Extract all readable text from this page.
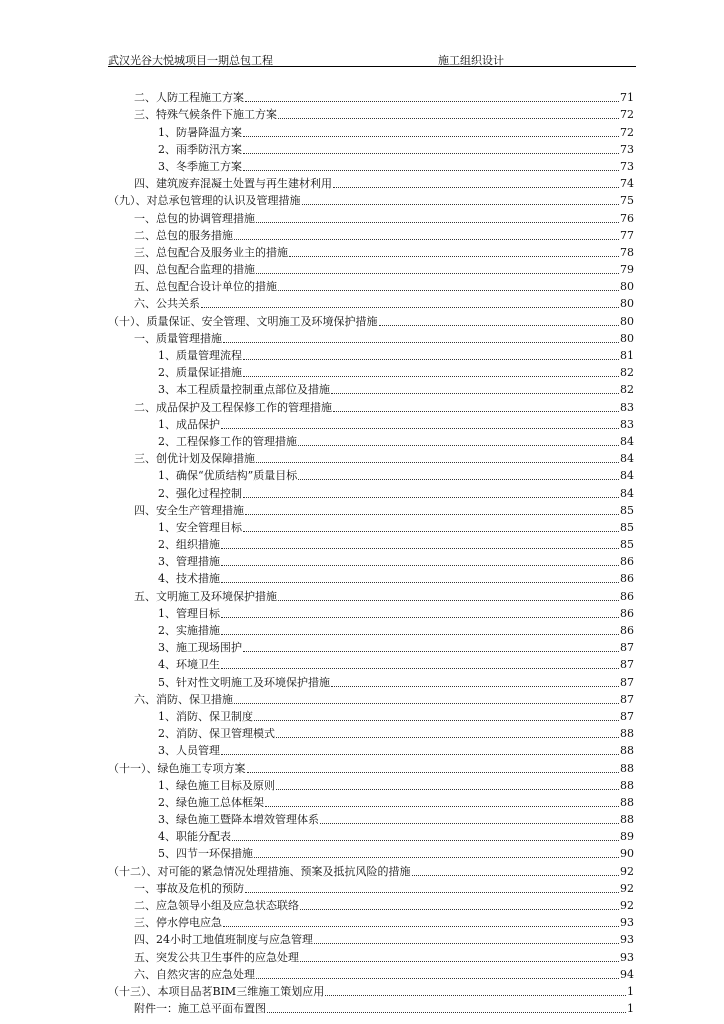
武汉光谷大悦城项目一期总包工程	施工组织设计
二、人防工程施工方案	71
三、特殊气候条件下施工方案	72
1、防暑降温方案	72
2、雨季防汛方案	73
3、冬季施工方案	73
四、建筑废弃混凝土处置与再生建材利用	74
（九）、对总承包管理的认识及管理措施	75
一、总包的协调管理措施	76
二、总包的服务措施	77
三、总包配合及服务业主的措施	78
四、总包配合监理的措施	79
五、总包配合设计单位的措施	80
六、公共关系	80
（十）、质量保证、安全管理、文明施工及环境保护措施	80
一、质量管理措施	80
1、质量管理流程	81
2、质量保证措施	82
3、本工程质量控制重点部位及措施	82
二、成品保护及工程保修工作的管理措施	83
1、成品保护	83
2、工程保修工作的管理措施	84
三、创优计划及保障措施	84
1、确保“优质结构”质量目标	84
2、强化过程控制	84
四、安全生产管理措施	85
1、安全管理目标	85
2、组织措施	85
3、管理措施	86
4、技术措施	86
五、文明施工及环境保护措施	86
1、管理目标	86
2、实施措施	86
3、施工现场围护	87
4、环境卫生	87
5、针对性文明施工及环境保护措施	87
六、消防、保卫措施	87
1、消防、保卫制度	87
2、消防、保卫管理模式	88
3、人员管理	88
（十一）、绿色施工专项方案	88
1、绿色施工目标及原则	88
2、绿色施工总体框架	88
3、绿色施工暨降本增效管理体系	88
4、职能分配表	89
5、四节一环保措施	90
（十二）、对可能的紧急情况处理措施、预案及抵抗风险的措施	92
一、事故及危机的预防	92
二、应急领导小组及应急状态联络	92
三、停水停电应急	93
四、24小时工地值班制度与应急管理	93
五、突发公共卫生事件的应急处理	93
六、自然灾害的应急处理	94
（十三）、本项目品茗BIM三维施工策划应用	1
附件一：施工总平面布置图	1
